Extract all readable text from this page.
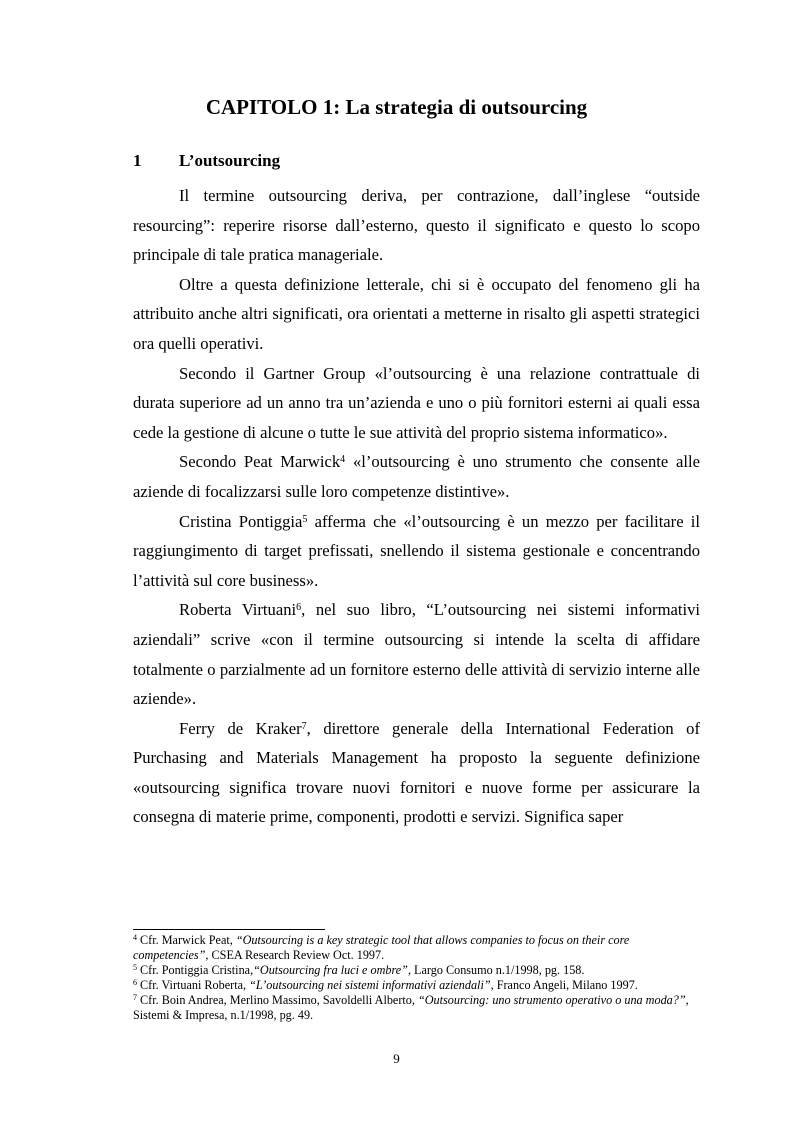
CAPITOLO 1: La strategia di outsourcing
1 L’outsourcing

Il termine outsourcing deriva, per contrazione, dall’inglese “outside resourcing”: reperire risorse dall’esterno, questo il significato e questo lo scopo principale di tale pratica manageriale.

Oltre a questa definizione letterale, chi si è occupato del fenomeno gli ha attribuito anche altri significati, ora orientati a metterne in risalto gli aspetti strategici ora quelli operativi.

Secondo il Gartner Group «l’outsourcing è una relazione contrattuale di durata superiore ad un anno tra un’azienda e uno o più fornitori esterni ai quali essa cede la gestione di alcune o tutte le sue attività del proprio sistema informatico».

Secondo Peat Marwick$^4$ «l’outsourcing è uno strumento che consente alle aziende di focalizzarsi sulle loro competenze distintive».

Cristina Pontiggia$^5$ afferma che «l’outsourcing è un mezzo per facilitare il raggiungimento di target prefissati, snellendo il sistema gestionale e concentrando l’attività sul core business».

Roberta Virtuani$^6$, nel suo libro, “L’outsourcing nei sistemi informativi aziendali” scrive «con il termine outsourcing si intende la scelta di affidare totalmente o parzialmente ad un fornitore esterno delle attività di servizio interne alle aziende».

Ferry de Kraker$^7$, direttore generale della International Federation of Purchasing and Materials Management ha proposto la seguente definizione «outsourcing significa trovare nuovi fornitori e nuove forme per assicurare la consegna di materie prime, componenti, prodotti e servizi. Significa saper

$^4$ Cfr. Marwick Peat, “Outsourcing is a key strategic tool that allows companies to focus on their core competencies”, CSEA Research Review Oct. 1997.

$^5$ Cfr. Pontiggia Cristina,“Outsourcing fra luci e ombre”, Largo Consumo n.1/1998, pg. 158.

$^6$ Cfr. Virtuani Roberta, “L’outsourcing nei sistemi informativi aziendali”, Franco Angeli, Milano 1997.

$^7$ Cfr. Boin Andrea, Merlino Massimo, Savoldelli Alberto, “Outsourcing: uno strumento operativo o una moda?”, Sistemi & Impresa, n.1/1998, pg. 49.

9
